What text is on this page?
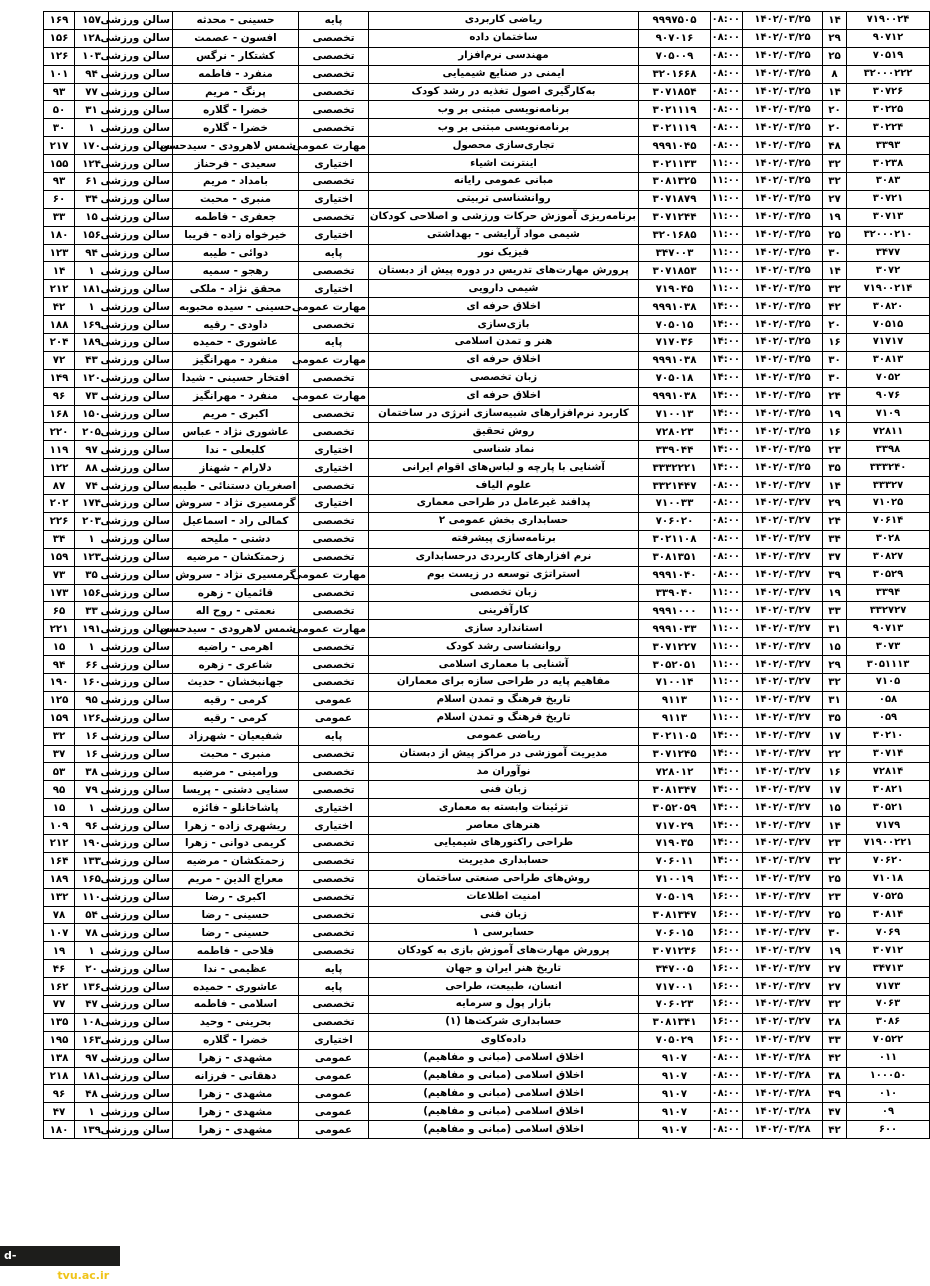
۷۱۹۰۰۲۴	۱۴	۱۴۰۲/۰۳/۲۵	۰۸:۰۰	۹۹۹۷۵۰۵	ریاضی کاربردی	پایه	حسینی - محدثه	سالن ورزشی	۱۵۷	۱۶۹
۹۰۷۱۲	۲۹	۱۴۰۲/۰۳/۲۵	۰۸:۰۰	۹۰۷۰۱۶	ساختمان داده	تخصصی	افسون - عصمت	سالن ورزشی	۱۲۸	۱۵۶
۷۰۵۱۹	۲۵	۱۴۰۲/۰۳/۲۵	۰۸:۰۰	۷۰۵۰۰۹	مهندسی نرم‌افزار	تخصصی	کشتکار - نرگس	سالن ورزشی	۱۰۳	۱۲۶
۳۲۰۰۰۲۲۲	۸	۱۴۰۲/۰۳/۲۵	۰۸:۰۰	۳۲۰۱۶۶۸	ایمنی در صنایع شیمیایی	تخصصی	منفرد - فاطمه	سالن ورزشی	۹۴	۱۰۱
۳۰۷۲۶	۱۴	۱۴۰۲/۰۳/۲۵	۰۸:۰۰	۳۰۷۱۸۵۴	به‌کارگیری اصول تغذیه در رشد کودک	تخصصی	پرنگ - مریم	سالن ورزشی	۷۷	۹۳
۳۰۲۲۵	۲۰	۱۴۰۲/۰۳/۲۵	۰۸:۰۰	۳۰۲۱۱۱۹	برنامه‌نویسی مبتنی بر وب	تخصصی	خضرا - گلاره	سالن ورزشی	۳۱	۵۰
۳۰۲۲۴	۲۰	۱۴۰۲/۰۳/۲۵	۰۸:۰۰	۳۰۲۱۱۱۹	برنامه‌نویسی مبتنی بر وب	تخصصی	خضرا - گلاره	سالن ورزشی	۱	۳۰
۳۳۹۳	۴۸	۱۴۰۲/۰۳/۲۵	۰۸:۰۰	۹۹۹۱۰۴۵	تجاری‌سازی محصول	مهارت عمومی	شمس لاهرودی - سیدحسن	سالن ورزشی	۱۷۰	۲۱۷
۳۰۲۳۸	۳۲	۱۴۰۲/۰۳/۲۵	۱۱:۰۰	۳۰۲۱۱۳۳	اینترنت اشیاء	اختیاری	سعیدی - فرحناز	سالن ورزشی	۱۲۴	۱۵۵
۳۰۸۳	۳۲	۱۴۰۲/۰۳/۲۵	۱۱:۰۰	۳۰۸۱۳۲۵	مبانی عمومی رایانه	تخصصی	بامداد - مریم	سالن ورزشی	۶۱	۹۳
۳۰۷۲۱	۲۷	۱۴۰۲/۰۳/۲۵	۱۱:۰۰	۳۰۷۱۸۷۹	روانشناسی تربیتی	اختیاری	منبری - محبت	سالن ورزشی	۳۴	۶۰
۳۰۷۱۳	۱۹	۱۴۰۲/۰۳/۲۵	۱۱:۰۰	۳۰۷۱۲۴۴	برنامه‌ریزی آموزش حرکات ورزشی و اصلاحی کودکان	تخصصی	جعفری - فاطمه	سالن ورزشی	۱۵	۳۳
۳۲۰۰۰۲۱۰	۲۵	۱۴۰۲/۰۳/۲۵	۱۱:۰۰	۳۲۰۱۶۸۵	شیمی مواد آرایشی - بهداشتی	اختیاری	خیرخواه زاده - فریبا	سالن ورزشی	۱۵۶	۱۸۰
۳۴۷۷	۳۰	۱۴۰۲/۰۳/۲۵	۱۱:۰۰	۳۴۷۰۰۳	فیزیک نور	پایه	دوائی - طیبه	سالن ورزشی	۹۴	۱۲۳
۳۰۷۲	۱۴	۱۴۰۲/۰۳/۲۵	۱۱:۰۰	۳۰۷۱۸۵۳	پرورش مهارت‌های تدریس در دوره پیش از دبستان	تخصصی	رهجو - سمیه	سالن ورزشی	۱	۱۴
۷۱۹۰۰۲۱۴	۳۲	۱۴۰۲/۰۳/۲۵	۱۱:۰۰	۷۱۹۰۴۵	شیمی دارویی	اختیاری	محقق نژاد - ملکی	سالن ورزشی	۱۸۱	۲۱۲
۳۰۸۲۰	۴۲	۱۴۰۲/۰۳/۲۵	۱۴:۰۰	۹۹۹۱۰۳۸	اخلاق حرفه ای	مهارت عمومی	حسینی - سیده محبوبه	سالن ورزشی	۱	۴۲
۷۰۵۱۵	۲۰	۱۴۰۲/۰۳/۲۵	۱۴:۰۰	۷۰۵۰۱۵	بازی‌سازی	تخصصی	داودی - رقیه	سالن ورزشی	۱۶۹	۱۸۸
۷۱۷۱۷	۱۶	۱۴۰۲/۰۳/۲۵	۱۴:۰۰	۷۱۷۰۳۶	هنر و تمدن اسلامی	پایه	عاشوری - حمیده	سالن ورزشی	۱۸۹	۲۰۴
۳۰۸۱۳	۳۰	۱۴۰۲/۰۳/۲۵	۱۴:۰۰	۹۹۹۱۰۳۸	اخلاق حرفه ای	مهارت عمومی	منفرد - مهرانگیز	سالن ورزشی	۴۳	۷۲
۷۰۵۲	۳۰	۱۴۰۲/۰۳/۲۵	۱۴:۰۰	۷۰۵۰۱۸	زبان تخصصی	تخصصی	افتخار حسینی - شیدا	سالن ورزشی	۱۲۰	۱۴۹
۹۰۷۶	۲۴	۱۴۰۲/۰۳/۲۵	۱۴:۰۰	۹۹۹۱۰۳۸	اخلاق حرفه ای	مهارت عمومی	منفرد - مهرانگیز	سالن ورزشی	۷۳	۹۶
۷۱۰۹	۱۹	۱۴۰۲/۰۳/۲۵	۱۴:۰۰	۷۱۰۰۱۳	کاربرد نرم‌افزارهای شبیه‌سازی انرژی در ساختمان	تخصصی	اکبری - مریم	سالن ورزشی	۱۵۰	۱۶۸
۷۲۸۱۱	۱۶	۱۴۰۲/۰۳/۲۵	۱۴:۰۰	۷۲۸۰۲۳	روش تحقیق	تخصصی	عاشوری نژاد - عباس	سالن ورزشی	۲۰۵	۲۲۰
۳۳۹۸	۲۳	۱۴۰۲/۰۳/۲۵	۱۴:۰۰	۳۳۹۰۴۴	نماد شناسی	اختیاری	کلبعلی - ندا	سالن ورزشی	۹۷	۱۱۹
۳۳۳۲۴۰	۳۵	۱۴۰۲/۰۳/۲۵	۱۴:۰۰	۳۳۳۲۲۲۱	آشنایی با پارچه و لباس‌های اقوام ایرانی	اختیاری	دلارام - شهناز	سالن ورزشی	۸۸	۱۲۲
۳۳۳۲۷	۱۴	۱۴۰۲/۰۳/۲۷	۰۸:۰۰	۳۳۲۱۴۴۷	علوم الیاف	تخصصی	اصغریان دستنائی - طیبه	سالن ورزشی	۷۴	۸۷
۷۱۰۲۵	۲۹	۱۴۰۲/۰۳/۲۷	۰۸:۰۰	۷۱۰۰۳۳	پدافند غیرعامل در طراحی معماری	اختیاری	گرمسیری نژاد - سروش	سالن ورزشی	۱۷۴	۲۰۲
۷۰۶۱۴	۲۴	۱۴۰۲/۰۳/۲۷	۰۸:۰۰	۷۰۶۰۲۰	حسابداری بخش عمومی ۲	تخصصی	کمالی راد - اسماعیل	سالن ورزشی	۲۰۳	۲۲۶
۳۰۲۸	۳۴	۱۴۰۲/۰۳/۲۷	۰۸:۰۰	۳۰۲۱۱۰۸	برنامه‌سازی پیشرفته	تخصصی	دشتی - ملیحه	سالن ورزشی	۱	۳۴
۳۰۸۲۷	۳۷	۱۴۰۲/۰۳/۲۷	۰۸:۰۰	۳۰۸۱۳۵۱	نرم افزارهای کاربردی درحسابداری	تخصصی	زحمتکشان - مرضیه	سالن ورزشی	۱۲۳	۱۵۹
۳۰۵۲۹	۳۹	۱۴۰۲/۰۳/۲۷	۰۸:۰۰	۹۹۹۱۰۴۰	استراتژی توسعه در زیست بوم	مهارت عمومی	گرمسیری نژاد - سروش	سالن ورزشی	۳۵	۷۳
۳۳۹۴	۱۹	۱۴۰۲/۰۳/۲۷	۱۱:۰۰	۳۳۹۰۴۰	زبان تخصصی	تخصصی	قائمیان - زهره	سالن ورزشی	۱۵۶	۱۷۳
۳۳۲۷۲۷	۳۳	۱۴۰۲/۰۳/۲۷	۱۱:۰۰	۹۹۹۱۰۰۰	کارآفرینی	تخصصی	نعمتی - روح اله	سالن ورزشی	۳۳	۶۵
۹۰۷۱۳	۳۱	۱۴۰۲/۰۳/۲۷	۱۱:۰۰	۹۹۹۱۰۳۳	استاندارد سازی	مهارت عمومی	شمس لاهرودی - سیدحسن	سالن ورزشی	۱۹۱	۲۲۱
۳۰۷۳	۱۵	۱۴۰۲/۰۳/۲۷	۱۱:۰۰	۳۰۷۱۲۲۷	روانشناسی رشد کودک	تخصصی	اهرمی - راضیه	سالن ورزشی	۱	۱۵
۳۰۵۱۱۱۳	۲۹	۱۴۰۲/۰۳/۲۷	۱۱:۰۰	۳۰۵۲۰۵۱	آشنایی با معماری اسلامی	تخصصی	شاعری - زهره	سالن ورزشی	۶۶	۹۴
۷۱۰۵	۳۲	۱۴۰۲/۰۳/۲۷	۱۱:۰۰	۷۱۰۰۱۴	مفاهیم پایه در طراحی سازه برای معماران	تخصصی	جهانبخشان - حدیث	سالن ورزشی	۱۶۰	۱۹۰
۰۵۸	۳۱	۱۴۰۲/۰۳/۲۷	۱۱:۰۰	۹۱۱۳	تاریخ فرهنگ و تمدن اسلام	عمومی	کرمی - رقیه	سالن ورزشی	۹۵	۱۲۵
۰۵۹	۳۵	۱۴۰۲/۰۳/۲۷	۱۱:۰۰	۹۱۱۳	تاریخ فرهنگ و تمدن اسلام	عمومی	کرمی - رقیه	سالن ورزشی	۱۲۶	۱۵۹
۳۰۲۱۰	۱۷	۱۴۰۲/۰۳/۲۷	۱۴:۰۰	۳۰۲۱۱۰۵	ریاضی عمومی	پایه	شفیعیان - شهرزاد	سالن ورزشی	۱۶	۳۲
۳۰۷۱۴	۲۲	۱۴۰۲/۰۳/۲۷	۱۴:۰۰	۳۰۷۱۲۴۵	مدیریت آموزشی در مراکز پیش از دبستان	تخصصی	منبری - محبت	سالن ورزشی	۱۶	۳۷
۷۲۸۱۴	۱۶	۱۴۰۲/۰۳/۲۷	۱۴:۰۰	۷۲۸۰۱۲	نوآوران مد	تخصصی	ورامینی - مرضیه	سالن ورزشی	۳۸	۵۳
۳۰۸۲۱	۱۷	۱۴۰۲/۰۳/۲۷	۱۴:۰۰	۳۰۸۱۳۴۷	زبان فنی	تخصصی	سنایی دشتی - پریسا	سالن ورزشی	۷۹	۹۵
۳۰۵۲۱	۱۵	۱۴۰۲/۰۳/۲۷	۱۴:۰۰	۳۰۵۲۰۵۹	تزئینات وابسته به معماری	اختیاری	پاشاخانلو - فائزه	سالن ورزشی	۱	۱۵
۷۱۷۹	۱۴	۱۴۰۲/۰۳/۲۷	۱۴:۰۰	۷۱۷۰۲۹	هنرهای معاصر	اختیاری	ریشهری زاده - زهرا	سالن ورزشی	۹۶	۱۰۹
۷۱۹۰۰۲۲۱	۲۳	۱۴۰۲/۰۳/۲۷	۱۴:۰۰	۷۱۹۰۳۵	طراحی راکتورهای شیمیایی	تخصصی	کریمی دوانی - زهرا	سالن ورزشی	۱۹۰	۲۱۲
۷۰۶۲۰	۳۲	۱۴۰۲/۰۳/۲۷	۱۴:۰۰	۷۰۶۰۱۱	حسابداری مدیریت	تخصصی	زحمتکشان - مرضیه	سالن ورزشی	۱۳۳	۱۶۴
۷۱۰۱۸	۲۵	۱۴۰۲/۰۳/۲۷	۱۴:۰۰	۷۱۰۰۱۹	روش‌های طراحی صنعتی ساختمان	تخصصی	معراج الدین - مریم	سالن ورزشی	۱۶۵	۱۸۹
۷۰۵۲۵	۲۳	۱۴۰۲/۰۳/۲۷	۱۶:۰۰	۷۰۵۰۱۹	امنیت اطلاعات	تخصصی	اکبری - رضا	سالن ورزشی	۱۱۰	۱۳۲
۳۰۸۱۴	۲۵	۱۴۰۲/۰۳/۲۷	۱۶:۰۰	۳۰۸۱۳۴۷	زبان فنی	تخصصی	حسینی - رضا	سالن ورزشی	۵۴	۷۸
۷۰۶۹	۳۰	۱۴۰۲/۰۳/۲۷	۱۶:۰۰	۷۰۶۰۱۵	حسابرسی ۱	تخصصی	حسینی - رضا	سالن ورزشی	۷۸	۱۰۷
۳۰۷۱۲	۱۹	۱۴۰۲/۰۳/۲۷	۱۶:۰۰	۳۰۷۱۲۳۶	پرورش مهارت‌های آموزش بازی به کودکان	تخصصی	فلاحی - فاطمه	سالن ورزشی	۱	۱۹
۳۴۷۱۳	۲۷	۱۴۰۲/۰۳/۲۷	۱۶:۰۰	۳۴۷۰۰۵	تاریخ هنر ایران و جهان	پایه	عظیمی - ندا	سالن ورزشی	۲۰	۴۶
۷۱۷۳	۲۷	۱۴۰۲/۰۳/۲۷	۱۶:۰۰	۷۱۷۰۰۱	انسان، طبیعت، طراحی	پایه	عاشوری - حمیده	سالن ورزشی	۱۳۶	۱۶۲
۷۰۶۳	۳۲	۱۴۰۲/۰۳/۲۷	۱۶:۰۰	۷۰۶۰۲۳	بازار پول و سرمایه	تخصصی	اسلامی - فاطمه	سالن ورزشی	۴۷	۷۷
۳۰۸۶	۲۸	۱۴۰۲/۰۳/۲۷	۱۶:۰۰	۳۰۸۱۳۴۱	حسابداری شرکت‌ها (۱)	تخصصی	بحرینی - وحید	سالن ورزشی	۱۰۸	۱۳۵
۷۰۵۲۲	۳۳	۱۴۰۲/۰۳/۲۷	۱۶:۰۰	۷۰۵۰۲۹	داده‌کاوی	اختیاری	خضرا - گلاره	سالن ورزشی	۱۶۳	۱۹۵
۰۱۱	۴۲	۱۴۰۲/۰۳/۲۸	۰۸:۰۰	۹۱۰۷	اخلاق اسلامی (مبانی و مفاهیم)	عمومی	مشهدی - زهرا	سالن ورزشی	۹۷	۱۳۸
۱۰۰۰۵۰	۳۸	۱۴۰۲/۰۳/۲۸	۰۸:۰۰	۹۱۰۷	اخلاق اسلامی (مبانی و مفاهیم)	عمومی	دهقانی - فرزانه	سالن ورزشی	۱۸۱	۲۱۸
۰۱۰	۴۹	۱۴۰۲/۰۳/۲۸	۰۸:۰۰	۹۱۰۷	اخلاق اسلامی (مبانی و مفاهیم)	عمومی	مشهدی - زهرا	سالن ورزشی	۴۸	۹۶
۰۹	۴۷	۱۴۰۲/۰۳/۲۸	۰۸:۰۰	۹۱۰۷	اخلاق اسلامی (مبانی و مفاهیم)	عمومی	مشهدی - زهرا	سالن ورزشی	۱	۴۷
۶۰۰	۴۲	۱۴۰۲/۰۳/۲۸	۰۸:۰۰	۹۱۰۷	اخلاق اسلامی (مبانی و مفاهیم)	عمومی	مشهدی - زهرا	سالن ورزشی	۱۳۹	۱۸۰
d-bushehr.tvu.ac.ir
